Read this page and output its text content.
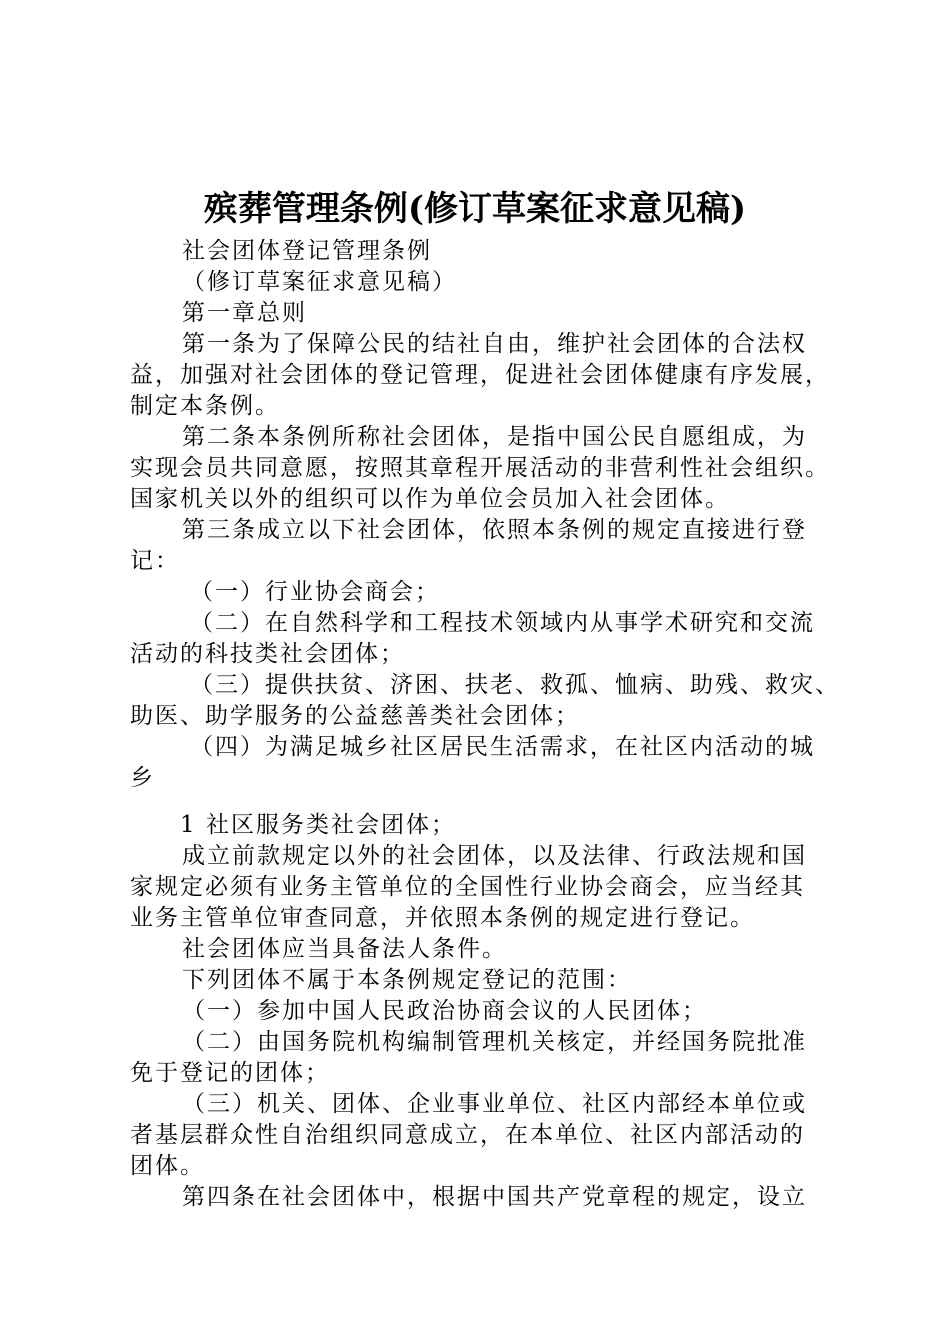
殡葬管理条例(修订草案征求意见稿)
社会团体登记管理条例
（修订草案征求意见稿）
第一章总则
第一条为了保障公民的结社自由，维护社会团体的合法权
益，加强对社会团体的登记管理，促进社会团体健康有序发展，
制定本条例。
第二条本条例所称社会团体，是指中国公民自愿组成，为
实现会员共同意愿，按照其章程开展活动的非营利性社会组织。
国家机关以外的组织可以作为单位会员加入社会团体。
第三条成立以下社会团体，依照本条例的规定直接进行登
记：
（一）行业协会商会；
（二）在自然科学和工程技术领域内从事学术研究和交流
活动的科技类社会团体；
（三）提供扶贫、济困、扶老、救孤、恤病、助残、救灾、
助医、助学服务的公益慈善类社会团体；
（四）为满足城乡社区居民生活需求，在社区内活动的城
乡
1 社区服务类社会团体；
成立前款规定以外的社会团体，以及法律、行政法规和国
家规定必须有业务主管单位的全国性行业协会商会，应当经其
业务主管单位审查同意，并依照本条例的规定进行登记。
社会团体应当具备法人条件。
下列团体不属于本条例规定登记的范围：
（一）参加中国人民政治协商会议的人民团体；
（二）由国务院机构编制管理机关核定，并经国务院批准
免于登记的团体；
（三）机关、团体、企业事业单位、社区内部经本单位或
者基层群众性自治组织同意成立，在本单位、社区内部活动的
团体。
第四条在社会团体中，根据中国共产党章程的规定，设立
